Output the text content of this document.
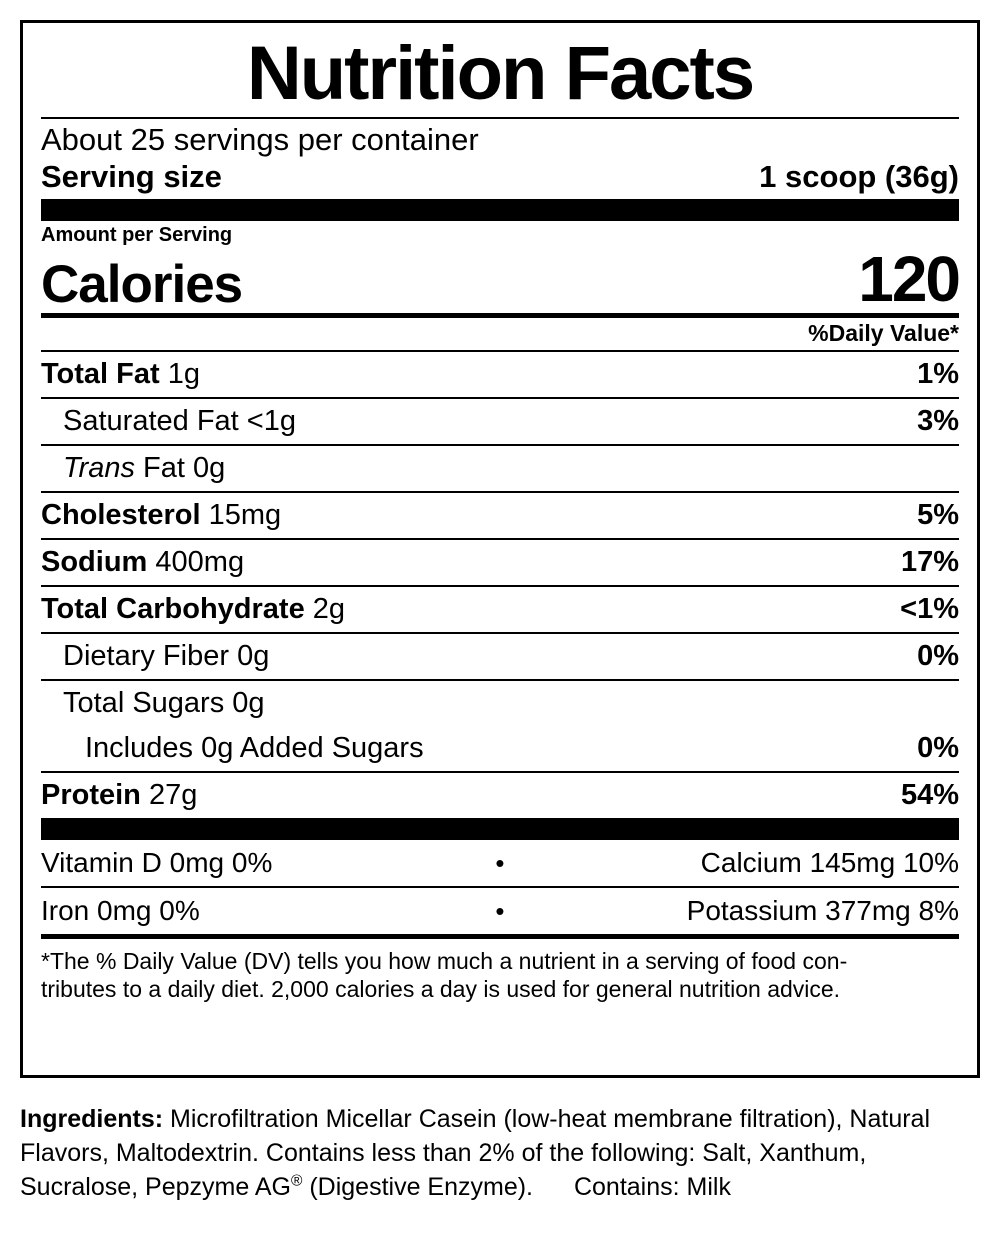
Nutrition Facts
About 25 servings per container
Serving size	1 scoop (36g)
Amount per Serving
Calories	120
%Daily Value*
Total Fat 1g	1%
Saturated Fat <1g	3%
Trans Fat 0g
Cholesterol 15mg	5%
Sodium 400mg	17%
Total Carbohydrate 2g	<1%
Dietary Fiber 0g	0%
Total Sugars 0g
Includes 0g Added Sugars	0%
Protein 27g	54%
Vitamin D 0mg 0%	•	Calcium 145mg 10%
Iron 0mg 0%	•	Potassium 377mg 8%
*The % Daily Value (DV) tells you how much a nutrient in a serving of food con-
tributes to a daily diet. 2,000 calories a day is used for general nutrition advice.
Ingredients: Microfiltration Micellar Casein (low-heat membrane filtration), Natural Flavors, Maltodextrin. Contains less than 2% of the following: Salt, Xanthum, Sucralose, Pepzyme AG® (Digestive Enzyme). Contains: Milk
